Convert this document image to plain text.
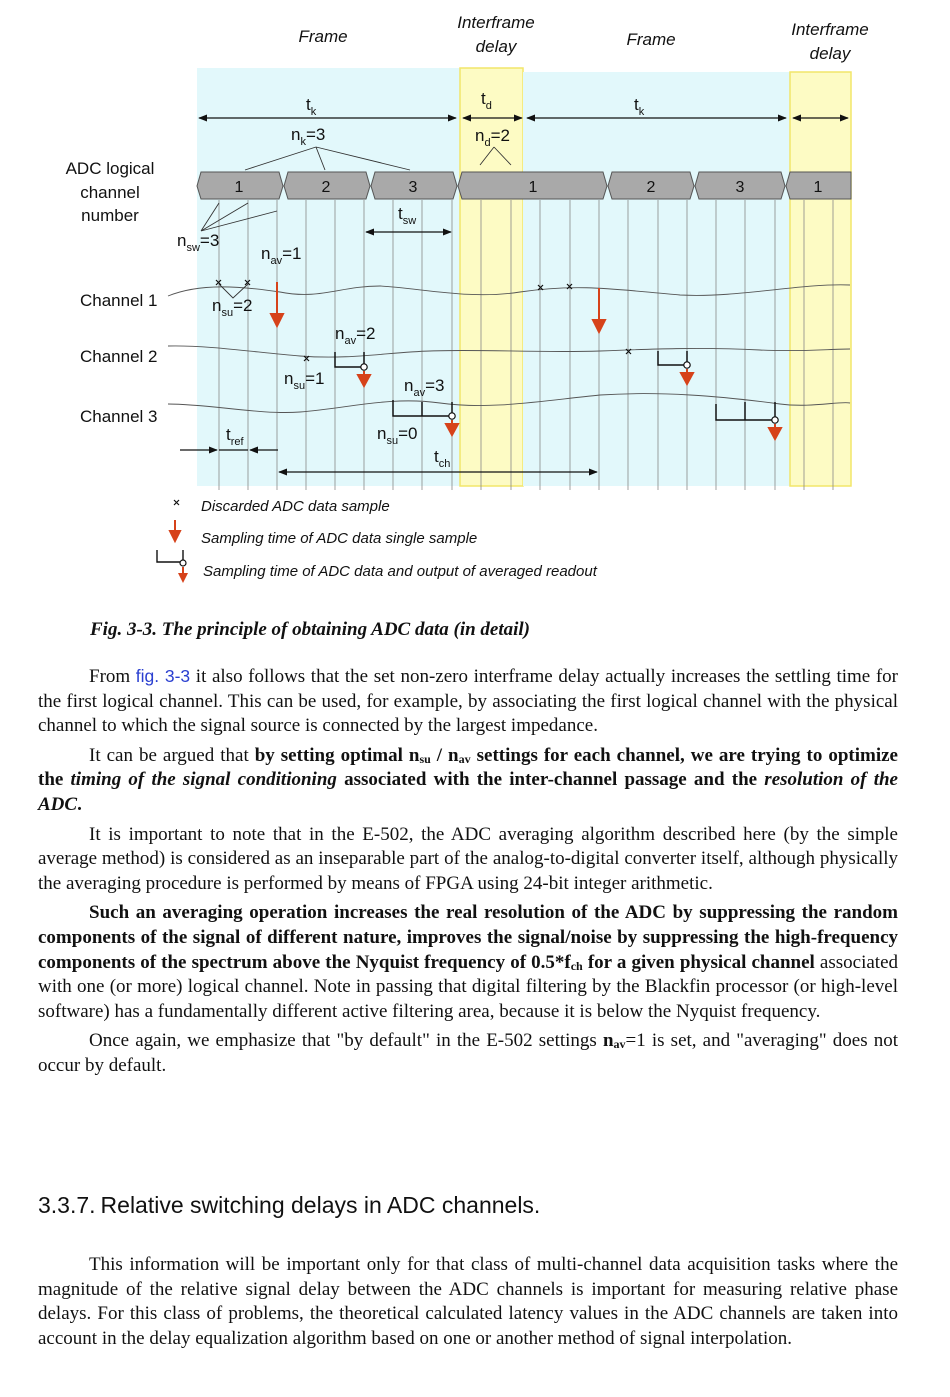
Frame
Interframe
delay	Frame
Interframe
delay
$t_k$
$t_d$	$t_k$
$n_k=3$	$n_d=2$
ADC logical
channel
number
1	2	3	1	2	3	1
$n_{sw}=3$
$t_{sw}$
$n_{av}=1$
Channel 1
Channel 2
Channel 3
$n_{su}=2$
$n_{av}=2$
$n_{su}=1$	$n_{av}=3$
$n_{su}=0$
$t_{ref}$
$t_{ch}$
Discarded ADC data sample
Sampling time of ADC data single sample
Sampling time of ADC data and output of averaged readout

Fig. 3-3. The principle of obtaining ADC data (in detail)

From fig. 3-3 it also follows that the set non-zero interframe delay actually increases the settling time for the first logical channel. This can be used, for example, by associating the first logical channel with the physical channel to which the signal source is connected by the largest impedance.

It can be argued that by setting optimal $n_{su} / n_{av}$ settings for each channel, we are trying to optimize the timing of the signal conditioning associated with the inter-channel passage and the resolution of the ADC.

It is important to note that in the E-502, the ADC averaging algorithm described here (by the simple average method) is considered as an inseparable part of the analog-to-digital converter itself, although physically the averaging procedure is performed by means of FPGA using 24-bit integer arithmetic.

Such an averaging operation increases the real resolution of the ADC by suppressing the random components of the signal of different nature, improves the signal/noise by suppressing the high-frequency components of the spectrum above the Nyquist frequency of $0.5*f_{ch}$ for a given physical channel associated with one (or more) logical channel. Note in passing that digital filtering by the Blackfin processor (or high-level software) has a fundamentally different active filtering area, because it is below the Nyquist frequency.

Once again, we emphasize that "by default" in the E-502 settings $n_{av}=1$ is set, and "averaging" does not occur by default.

3.3.7. Relative switching delays in ADC channels.

This information will be important only for that class of multi-channel data acquisition tasks where the magnitude of the relative signal delay between the ADC channels is important for measuring relative phase delays. For this class of problems, the theoretical calculated latency values in the ADC channels are taken into account in the delay equalization algorithm based on one or another method of signal interpolation.
